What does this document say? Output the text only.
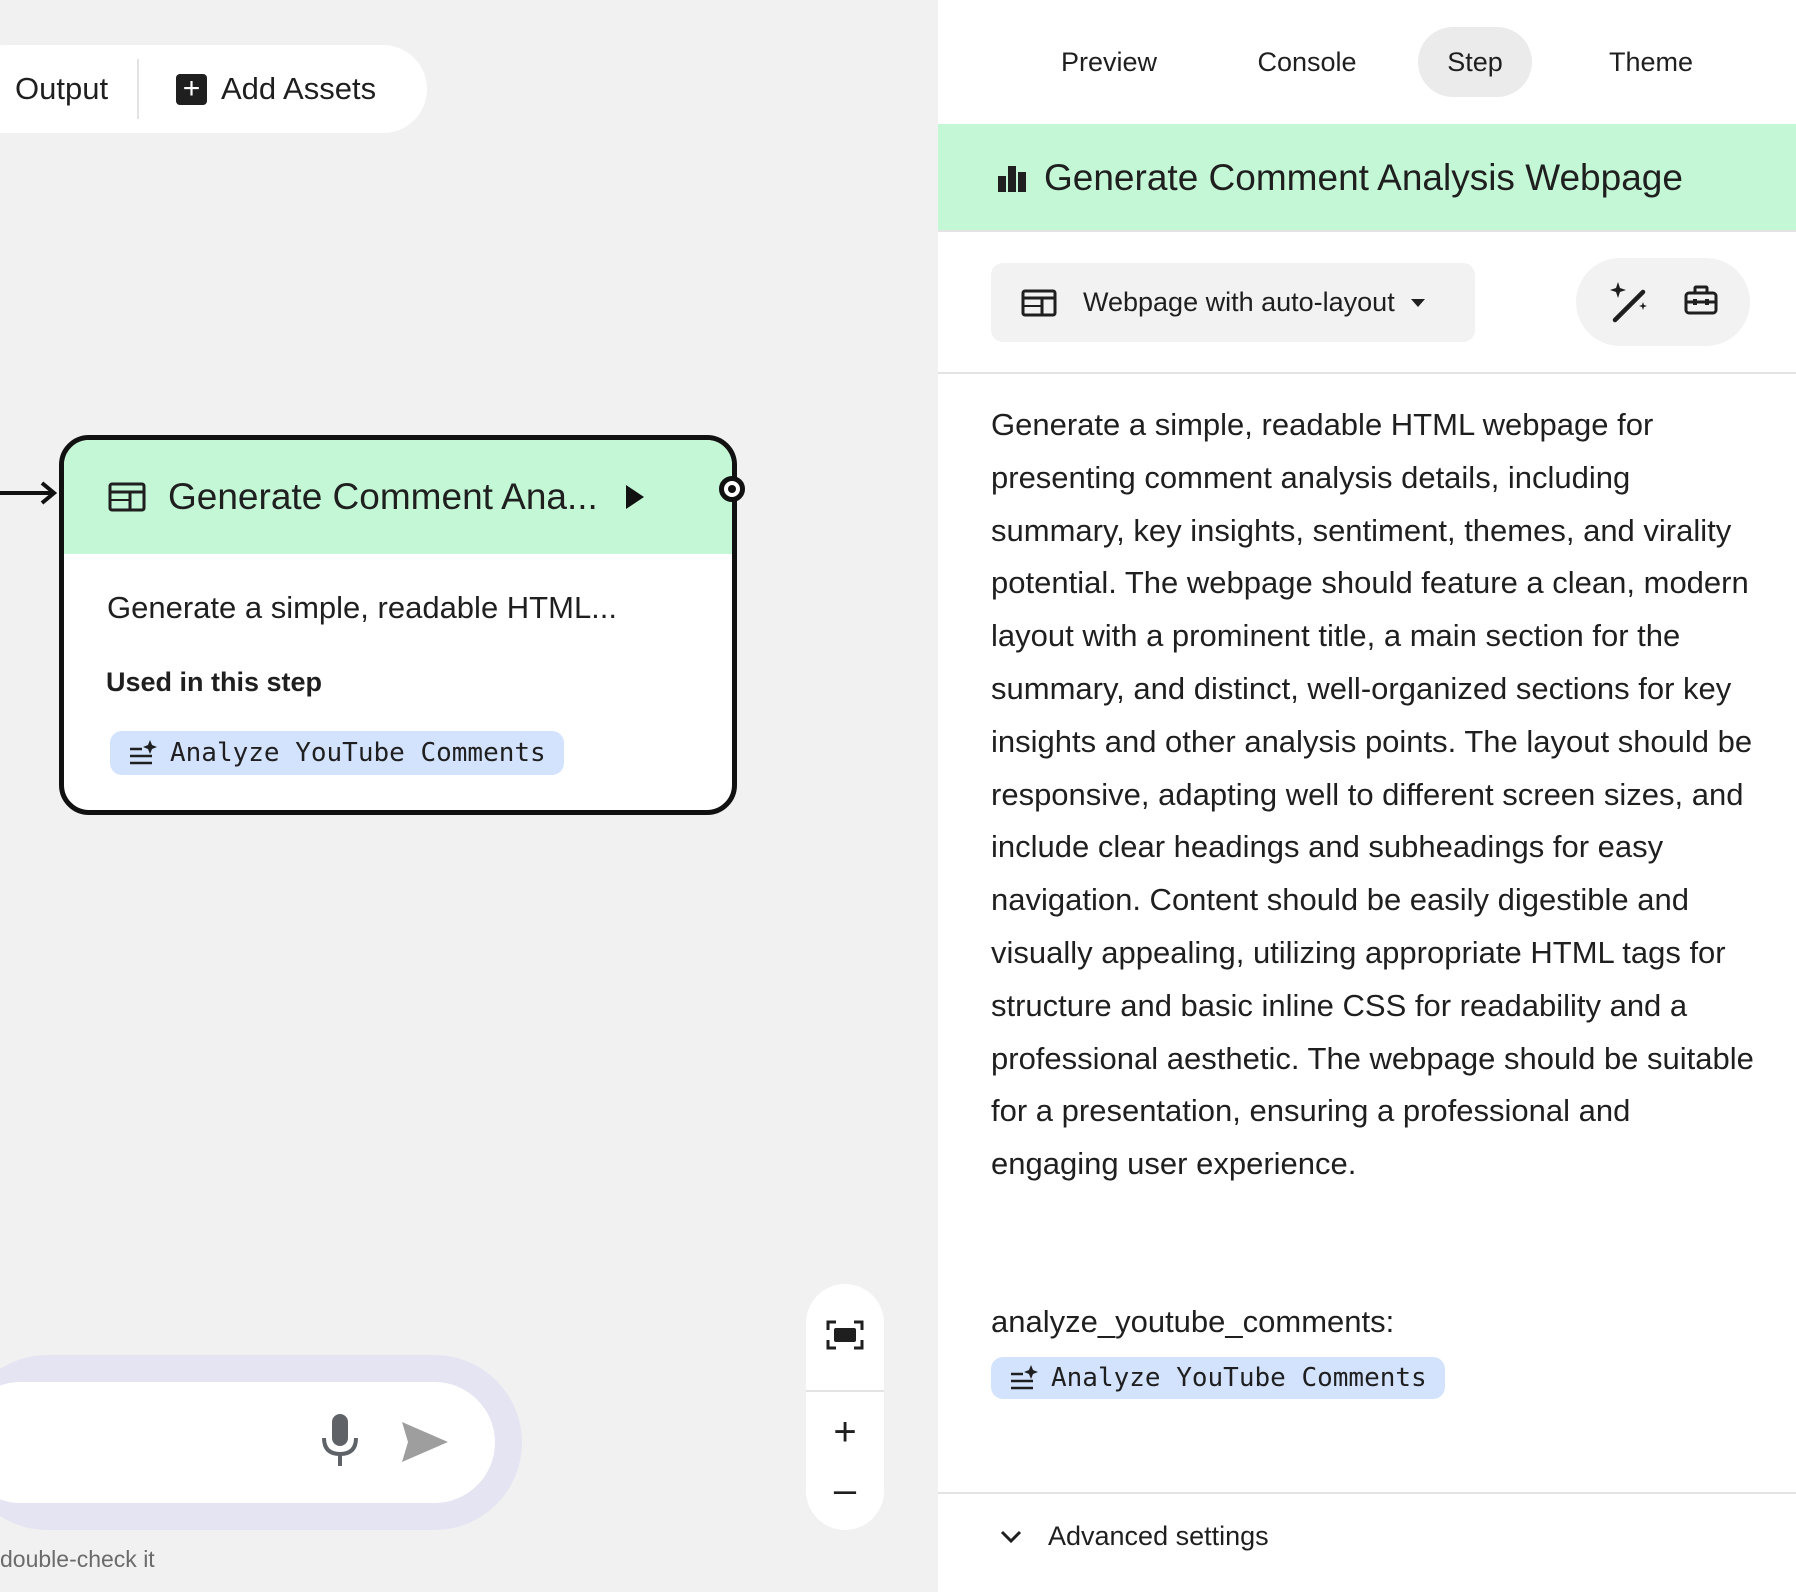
Output + Add Assets
Generate Comment Ana...
Generate a simple, readable HTML...
Used in this step
Analyze YouTube Comments
double-check it
+
–
Preview	Console	Step	Theme
Generate Comment Analysis Webpage
Webpage with auto-layout
Generate a simple, readable HTML webpage for presenting comment analysis details, including summary, key insights, sentiment, themes, and virality potential. The webpage should feature a clean, modern layout with a prominent title, a main section for the summary, and distinct, well-organized sections for key insights and other analysis points. The layout should be responsive, adapting well to different screen sizes, and include clear headings and subheadings for easy navigation. Content should be easily digestible and visually appealing, utilizing appropriate HTML tags for structure and basic inline CSS for readability and a professional aesthetic. The webpage should be suitable for a presentation, ensuring a professional and engaging user experience.
analyze_youtube_comments:
Analyze YouTube Comments
Advanced settings
